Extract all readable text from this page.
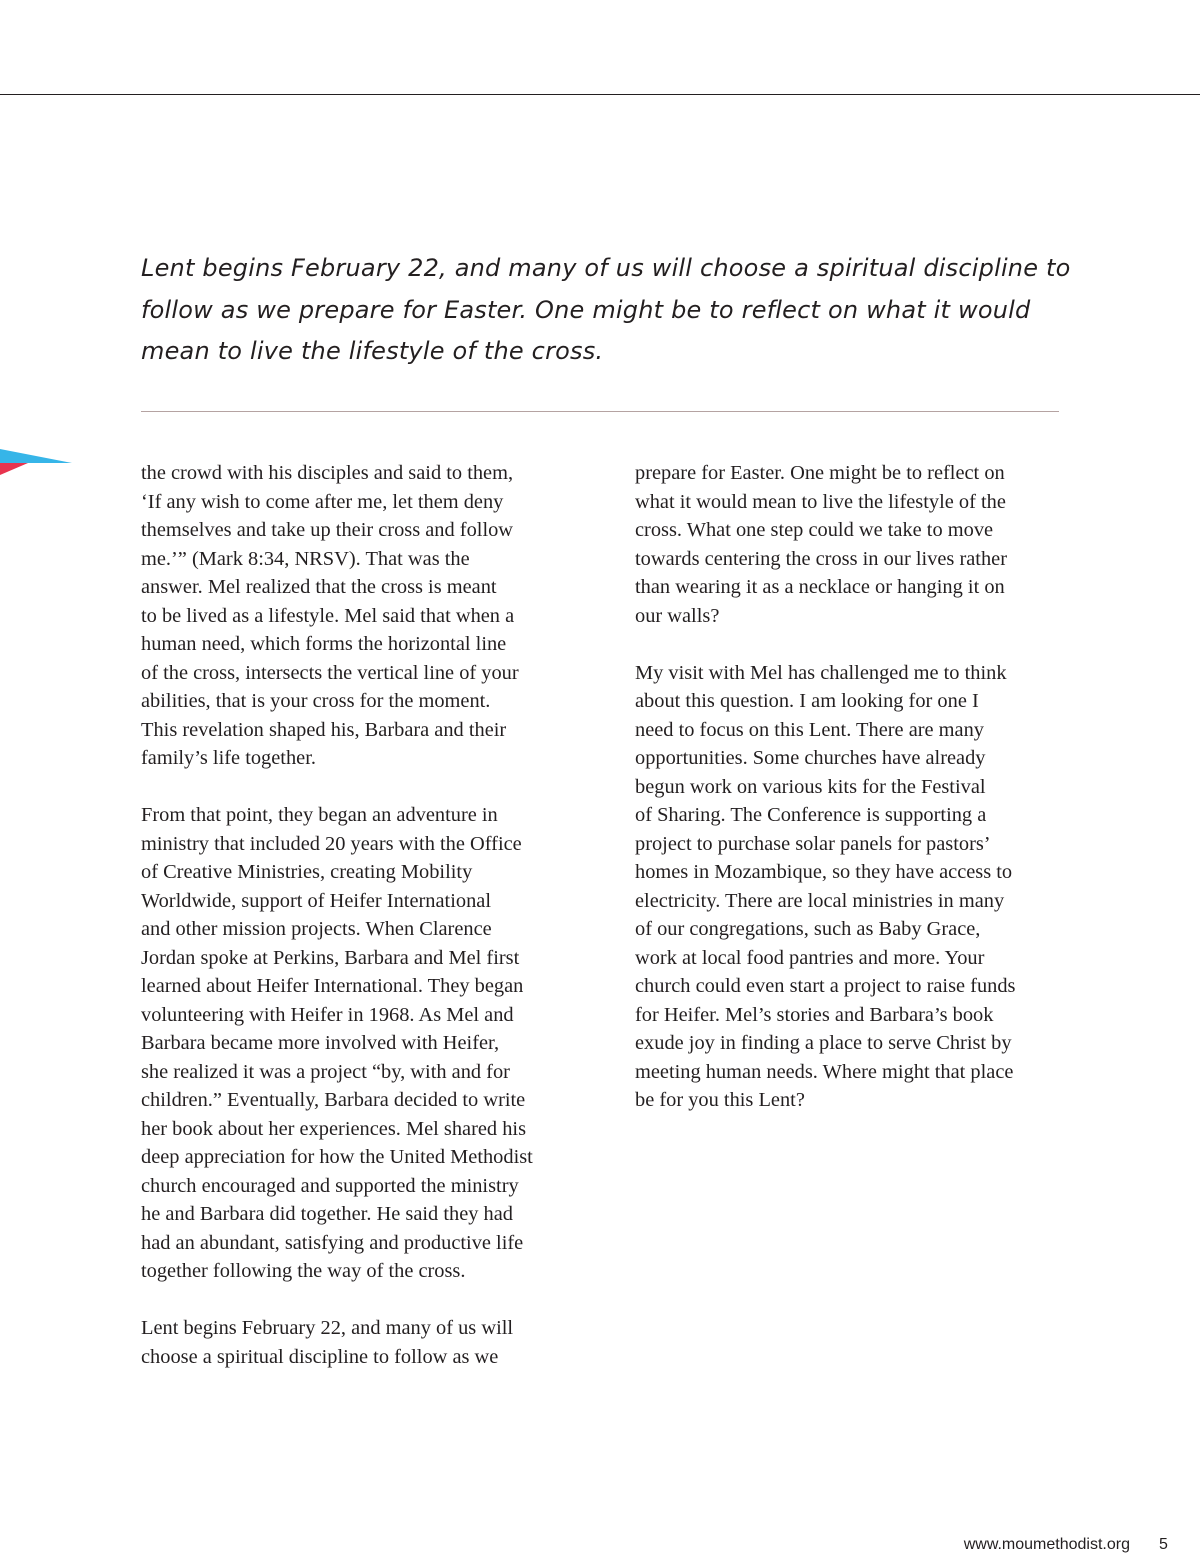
Lent begins February 22, and many of us will choose a spiritual discipline to follow as we prepare for Easter. One might be to reflect on what it would mean to live the lifestyle of the cross.

the crowd with his disciples and said to them,
‘If any wish to come after me, let them deny
themselves and take up their cross and follow
me.’” (Mark 8:34, NRSV). That was the
answer. Mel realized that the cross is meant
to be lived as a lifestyle. Mel said that when a
human need, which forms the horizontal line
of the cross, intersects the vertical line of your
abilities, that is your cross for the moment.
This revelation shaped his, Barbara and their
family’s life together.

From that point, they began an adventure in
ministry that included 20 years with the Office
of Creative Ministries, creating Mobility
Worldwide, support of Heifer International
and other mission projects. When Clarence
Jordan spoke at Perkins, Barbara and Mel first
learned about Heifer International. They began
volunteering with Heifer in 1968. As Mel and
Barbara became more involved with Heifer,
she realized it was a project “by, with and for
children.” Eventually, Barbara decided to write
her book about her experiences. Mel shared his
deep appreciation for how the United Methodist
church encouraged and supported the ministry
he and Barbara did together. He said they had
had an abundant, satisfying and productive life
together following the way of the cross.

Lent begins February 22, and many of us will
choose a spiritual discipline to follow as we

prepare for Easter. One might be to reflect on
what it would mean to live the lifestyle of the
cross. What one step could we take to move
towards centering the cross in our lives rather
than wearing it as a necklace or hanging it on
our walls?

My visit with Mel has challenged me to think
about this question. I am looking for one I
need to focus on this Lent. There are many
opportunities. Some churches have already
begun work on various kits for the Festival
of Sharing. The Conference is supporting a
project to purchase solar panels for pastors’
homes in Mozambique, so they have access to
electricity. There are local ministries in many
of our congregations, such as Baby Grace,
work at local food pantries and more. Your
church could even start a project to raise funds
for Heifer. Mel’s stories and Barbara’s book
exude joy in finding a place to serve Christ by
meeting human needs. Where might that place
be for you this Lent?

www.moumethodist.org 5
